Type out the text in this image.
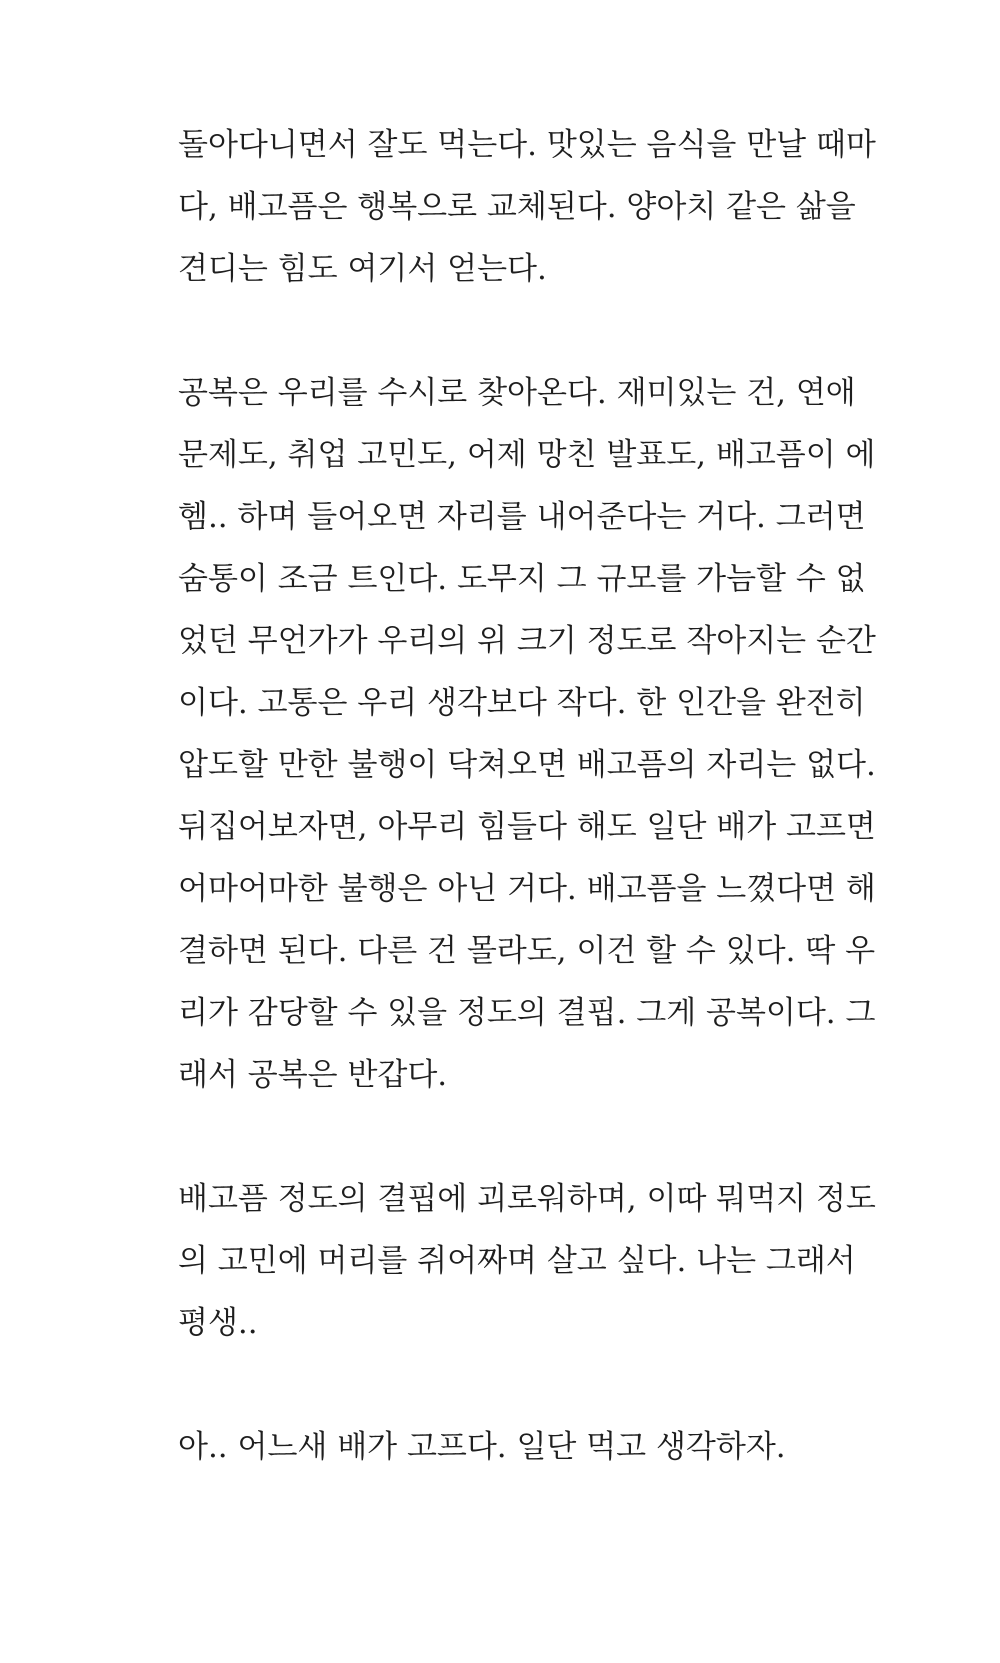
돌아다니면서 잘도 먹는다. 맛있는 음식을 만날 때마
다, 배고픔은 행복으로 교체된다. 양아치 같은 삶을
견디는 힘도 여기서 얻는다.
공복은 우리를 수시로 찾아온다. 재미있는 건, 연애
문제도, 취업 고민도, 어제 망친 발표도, 배고픔이 에
헴.. 하며 들어오면 자리를 내어준다는 거다. 그러면
숨통이 조금 트인다. 도무지 그 규모를 가늠할 수 없
었던 무언가가 우리의 위 크기 정도로 작아지는 순간
이다. 고통은 우리 생각보다 작다. 한 인간을 완전히
압도할 만한 불행이 닥쳐오면 배고픔의 자리는 없다.
뒤집어보자면, 아무리 힘들다 해도 일단 배가 고프면
어마어마한 불행은 아닌 거다. 배고픔을 느꼈다면 해
결하면 된다. 다른 건 몰라도, 이건 할 수 있다. 딱 우
리가 감당할 수 있을 정도의 결핍. 그게 공복이다. 그
래서 공복은 반갑다.
배고픔 정도의 결핍에 괴로워하며, 이따 뭐먹지 정도
의 고민에 머리를 쥐어짜며 살고 싶다. 나는 그래서
평생..
아.. 어느새 배가 고프다. 일단 먹고 생각하자.
